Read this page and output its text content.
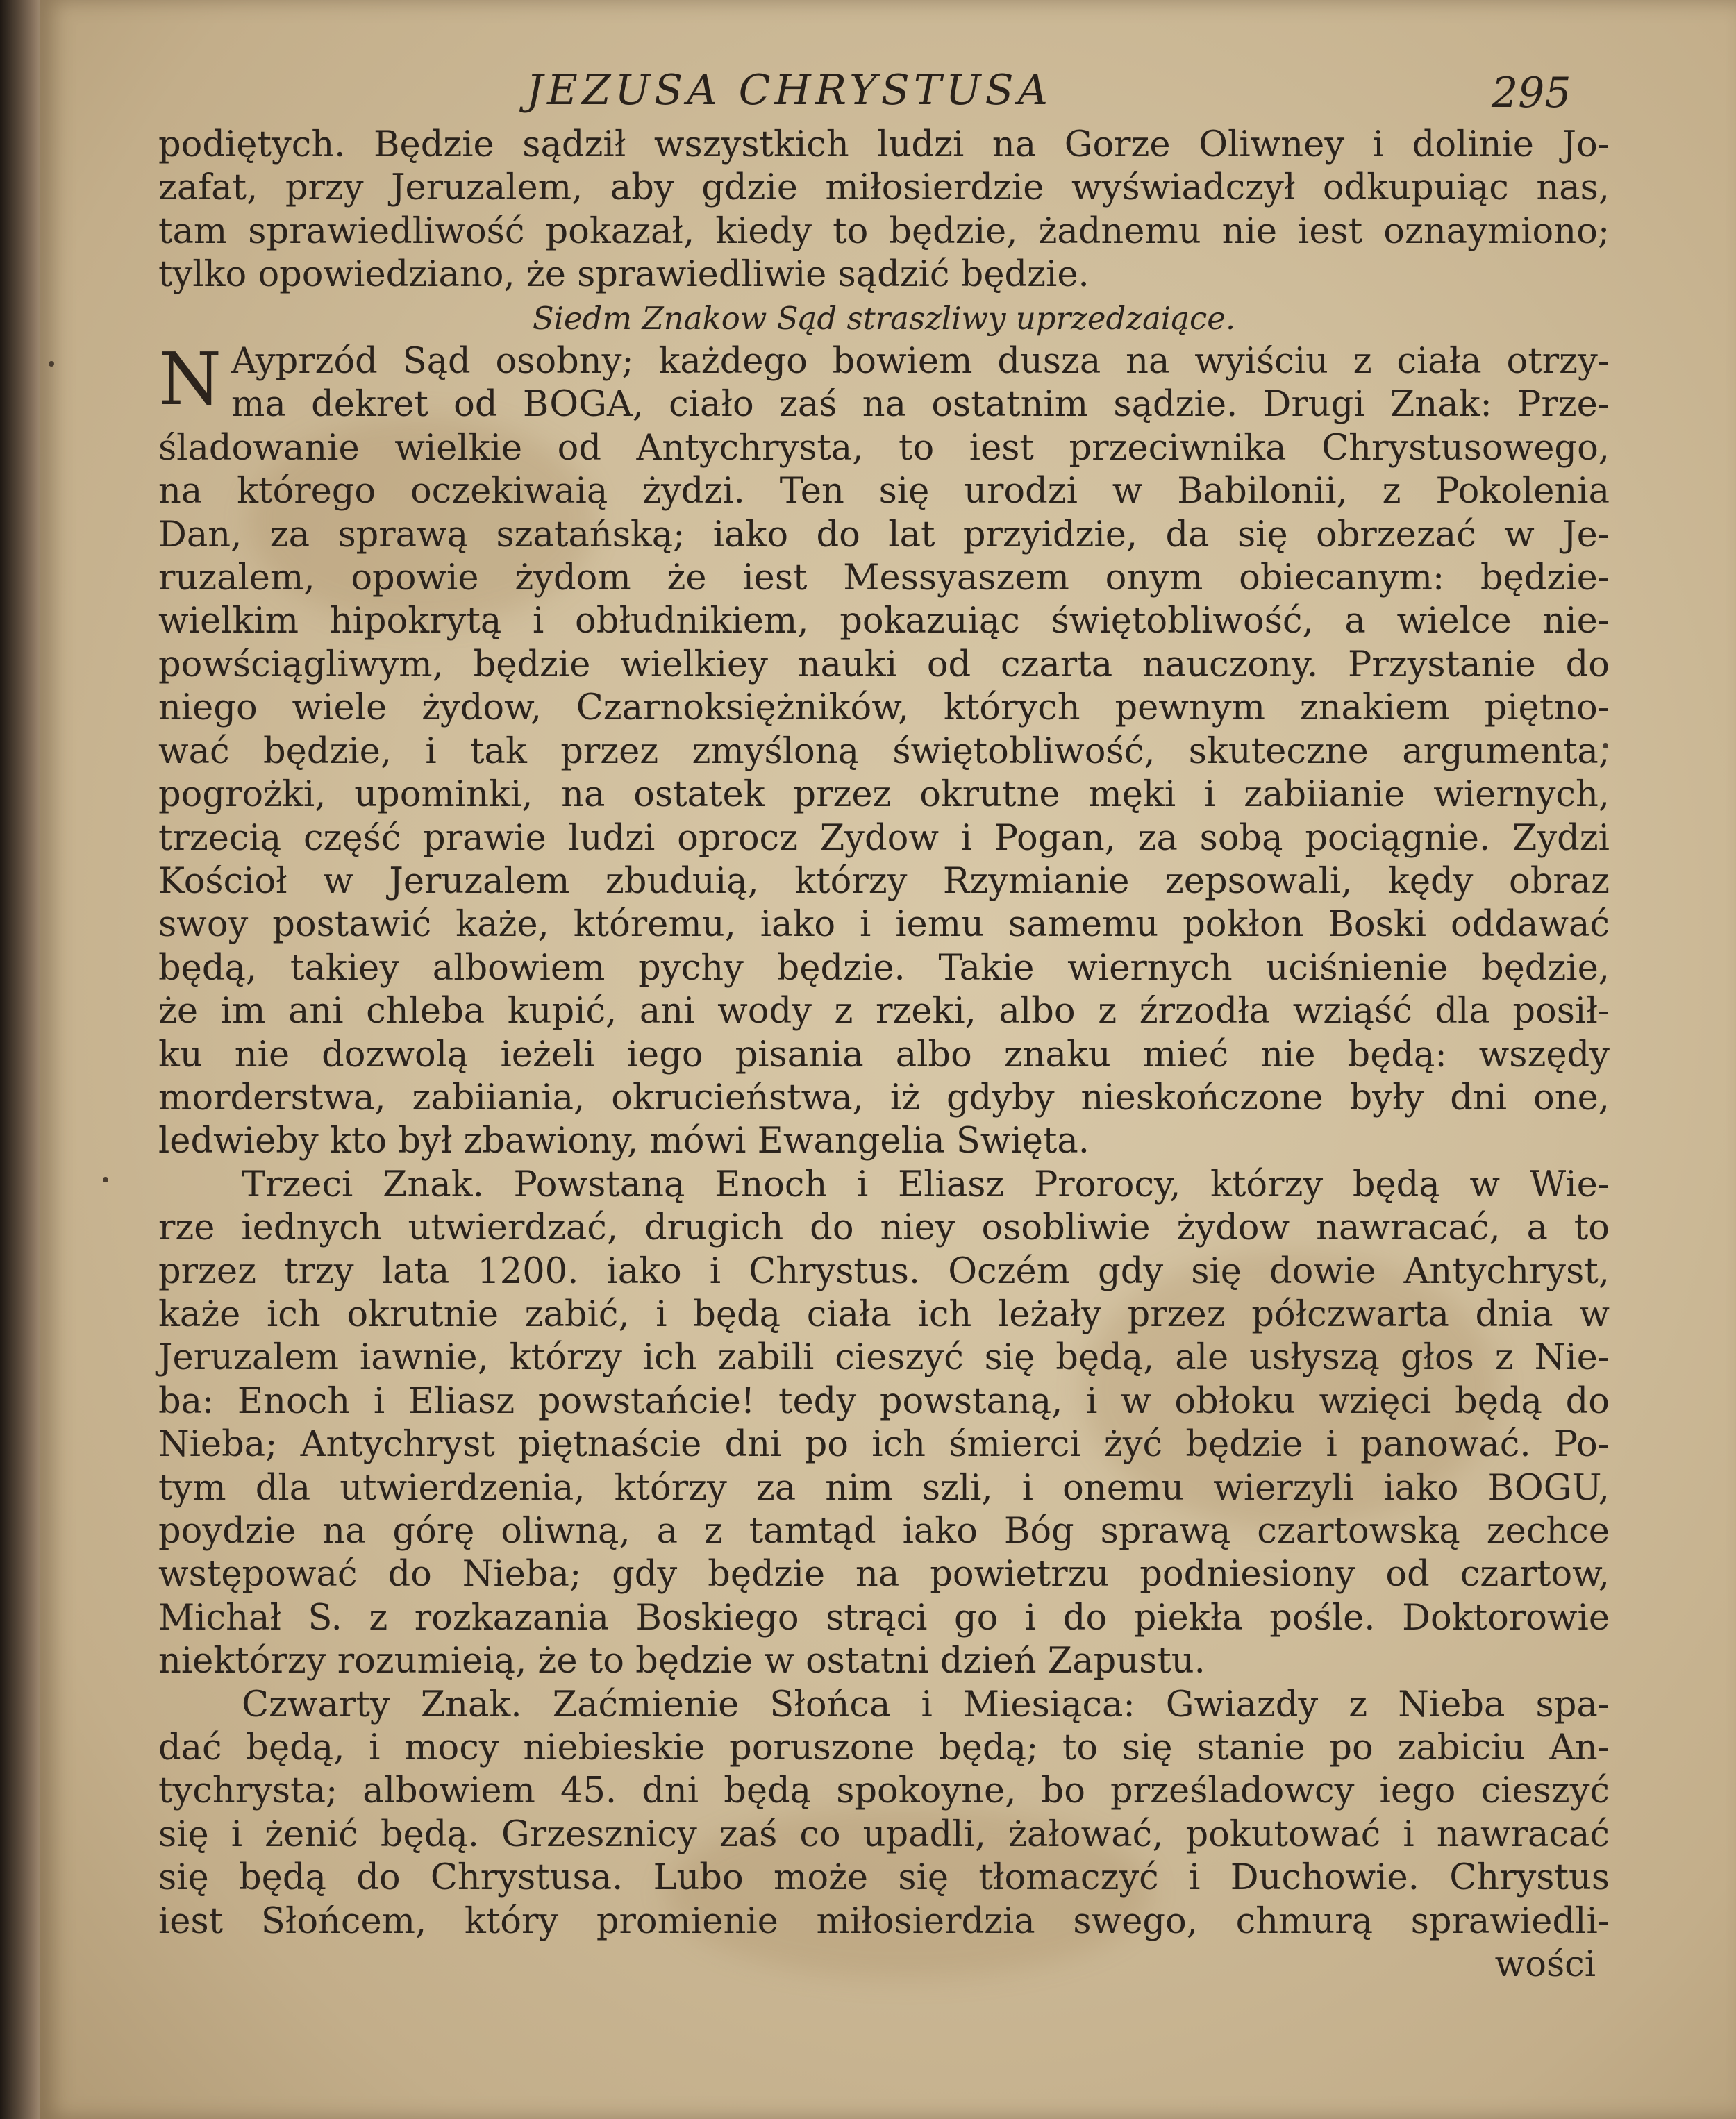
JEZUSA CHRYSTUSA	295

podiętych. Będzie sądził wszystkich ludzi na Gorze Oliwney i dolinie Jo-
zafat, przy Jeruzalem, aby gdzie miłosierdzie wyświadczył odkupuiąc nas,
tam sprawiedliwość pokazał, kiedy to będzie, żadnemu nie iest oznaymiono;
tylko opowiedziano, że sprawiedliwie sądzić będzie.

Siedm Znakow Sąd straszliwy uprzedzaiące.

N Ayprzód Sąd osobny; każdego bowiem dusza na wyiściu z ciała otrzy-
ma dekret od BOGA, ciało zaś na ostatnim sądzie. Drugi Znak: Prze-
śladowanie wielkie od Antychrysta, to iest przeciwnika Chrystusowego,
na którego oczekiwaią żydzi. Ten się urodzi w Babilonii, z Pokolenia
Dan, za sprawą szatańską; iako do lat przyidzie, da się obrzezać w Je-
ruzalem, opowie żydom że iest Messyaszem onym obiecanym: będzie-
wielkim hipokrytą i obłudnikiem, pokazuiąc świętobliwość, a wielce nie-
powściągliwym, będzie wielkiey nauki od czarta nauczony. Przystanie do
niego wiele żydow, Czarnoksiężników, których pewnym znakiem piętno-
wać będzie, i tak przez zmyśloną świętobliwość, skuteczne argumenta,
pogrożki, upominki, na ostatek przez okrutne męki i zabiianie wiernych,
trzecią część prawie ludzi oprocz Zydow i Pogan, za sobą pociągnie. Zydzi
Kościoł w Jeruzalem zbuduią, którzy Rzymianie zepsowali, kędy obraz
swoy postawić każe, któremu, iako i iemu samemu pokłon Boski oddawać
będą, takiey albowiem pychy będzie. Takie wiernych uciśnienie będzie,
że im ani chleba kupić, ani wody z rzeki, albo z źrzodła wziąść dla posił-
ku nie dozwolą ieżeli iego pisania albo znaku mieć nie będą: wszędy
morderstwa, zabiiania, okrucieństwa, iż gdyby nieskończone były dni one,
ledwieby kto był zbawiony, mówi Ewangelia Swięta.

Trzeci Znak. Powstaną Enoch i Eliasz Prorocy, którzy będą w Wie-
rze iednych utwierdzać, drugich do niey osobliwie żydow nawracać, a to
przez trzy lata 1200. iako i Chrystus. Oczém gdy się dowie Antychryst,
każe ich okrutnie zabić, i będą ciała ich leżały przez półczwarta dnia w
Jeruzalem iawnie, którzy ich zabili cieszyć się będą, ale usłyszą głos z Nie-
ba: Enoch i Eliasz powstańcie! tedy powstaną, i w obłoku wzięci będą do
Nieba; Antychryst piętnaście dni po ich śmierci żyć będzie i panować. Po-
tym dla utwierdzenia, którzy za nim szli, i onemu wierzyli iako BOGU,
poydzie na górę oliwną, a z tamtąd iako Bóg sprawą czartowską zechce
wstępować do Nieba; gdy będzie na powietrzu podniesiony od czartow,
Michał S. z rozkazania Boskiego strąci go i do piekła pośle. Doktorowie
niektórzy rozumieią, że to będzie w ostatni dzień Zapustu.

Czwarty Znak. Zaćmienie Słońca i Miesiąca: Gwiazdy z Nieba spa-
dać będą, i mocy niebieskie poruszone będą; to się stanie po zabiciu An-
tychrysta; albowiem 45. dni będą spokoyne, bo prześladowcy iego cieszyć
się i żenić będą. Grzesznicy zaś co upadli, żałować, pokutować i nawracać
się będą do Chrystusa. Lubo może się tłomaczyć i Duchowie. Chrystus
iest Słońcem, który promienie miłosierdzia swego, chmurą sprawiedli-

wości
